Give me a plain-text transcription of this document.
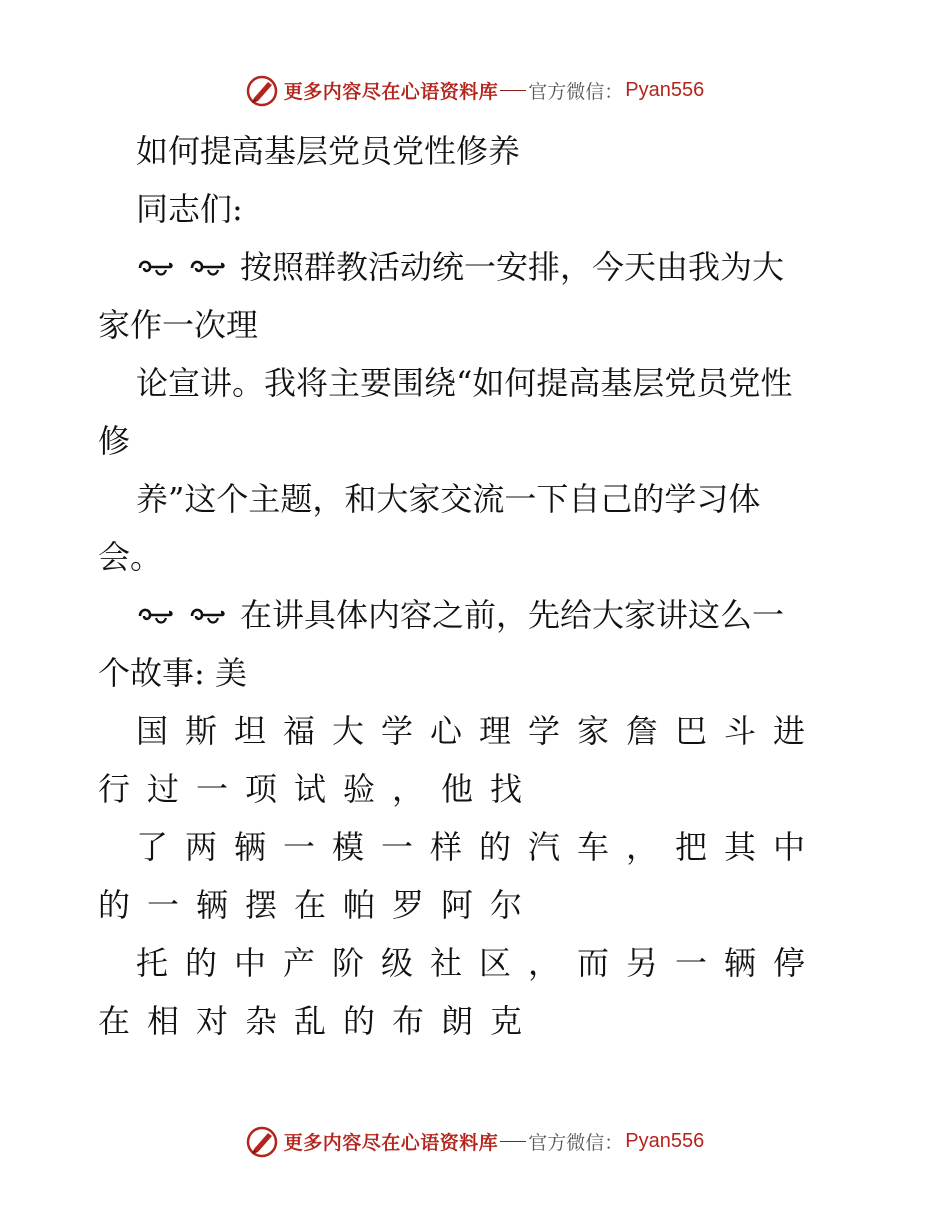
更多内容尽在心语资料库 官方微信： Pyan556
如何提高基层党员党性修养
同志们:
按照群教活动统一安排，今天由我为大
家作一次理
论宣讲。我将主要围绕“如何提高基层党员党性
修
养”这个主题，和大家交流一下自己的学习体
会。
在讲具体内容之前，先给大家讲这么一
个故事: 美
国斯坦福大学心理学家詹巴斗进
行过一项试验，他找
了两辆一模一样的汽车，把其中
的一辆摆在帕罗阿尔
托的中产阶级社区，而另一辆停
在相对杂乱的布朗克
更多内容尽在心语资料库 官方微信： Pyan556
